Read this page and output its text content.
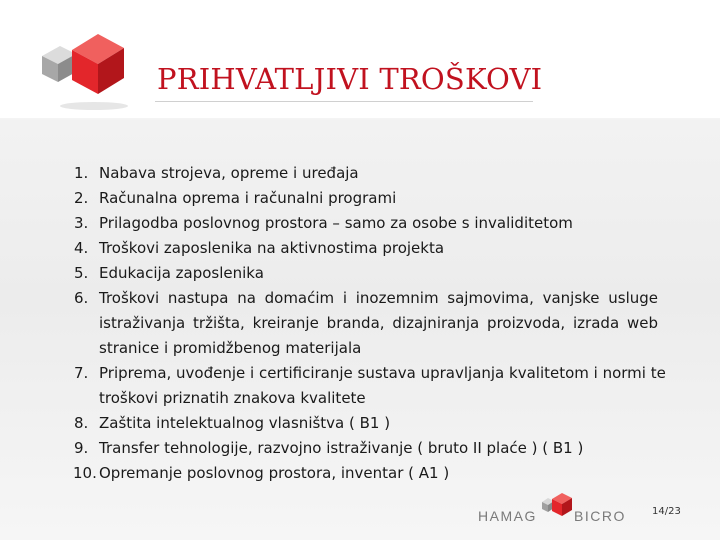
PRIHVATLJIVI TROŠKOVI
1. Nabava strojeva, opreme i uređaja
2. Računalna oprema i računalni programi
3. Prilagodba poslovnog prostora – samo za osobe s invaliditetom
4. Troškovi zaposlenika na aktivnostima projekta
5. Edukacija zaposlenika
6. Troškovi nastupa na domaćim i inozemnim sajmovima, vanjske usluge istraživanja tržišta, kreiranje branda, dizajniranja proizvoda, izrada web stranice i promidžbenog materijala
7. Priprema, uvođenje i certificiranje sustava upravljanja kvalitetom i normi te troškovi priznatih znakova kvalitete
8. Zaštita intelektualnog vlasništva ( B1 )
9. Transfer tehnologije, razvojno istraživanje ( bruto II plaće ) ( B1 )
10. Opremanje poslovnog prostora, inventar ( A1 )
HAMAG	BICRO	14/23
